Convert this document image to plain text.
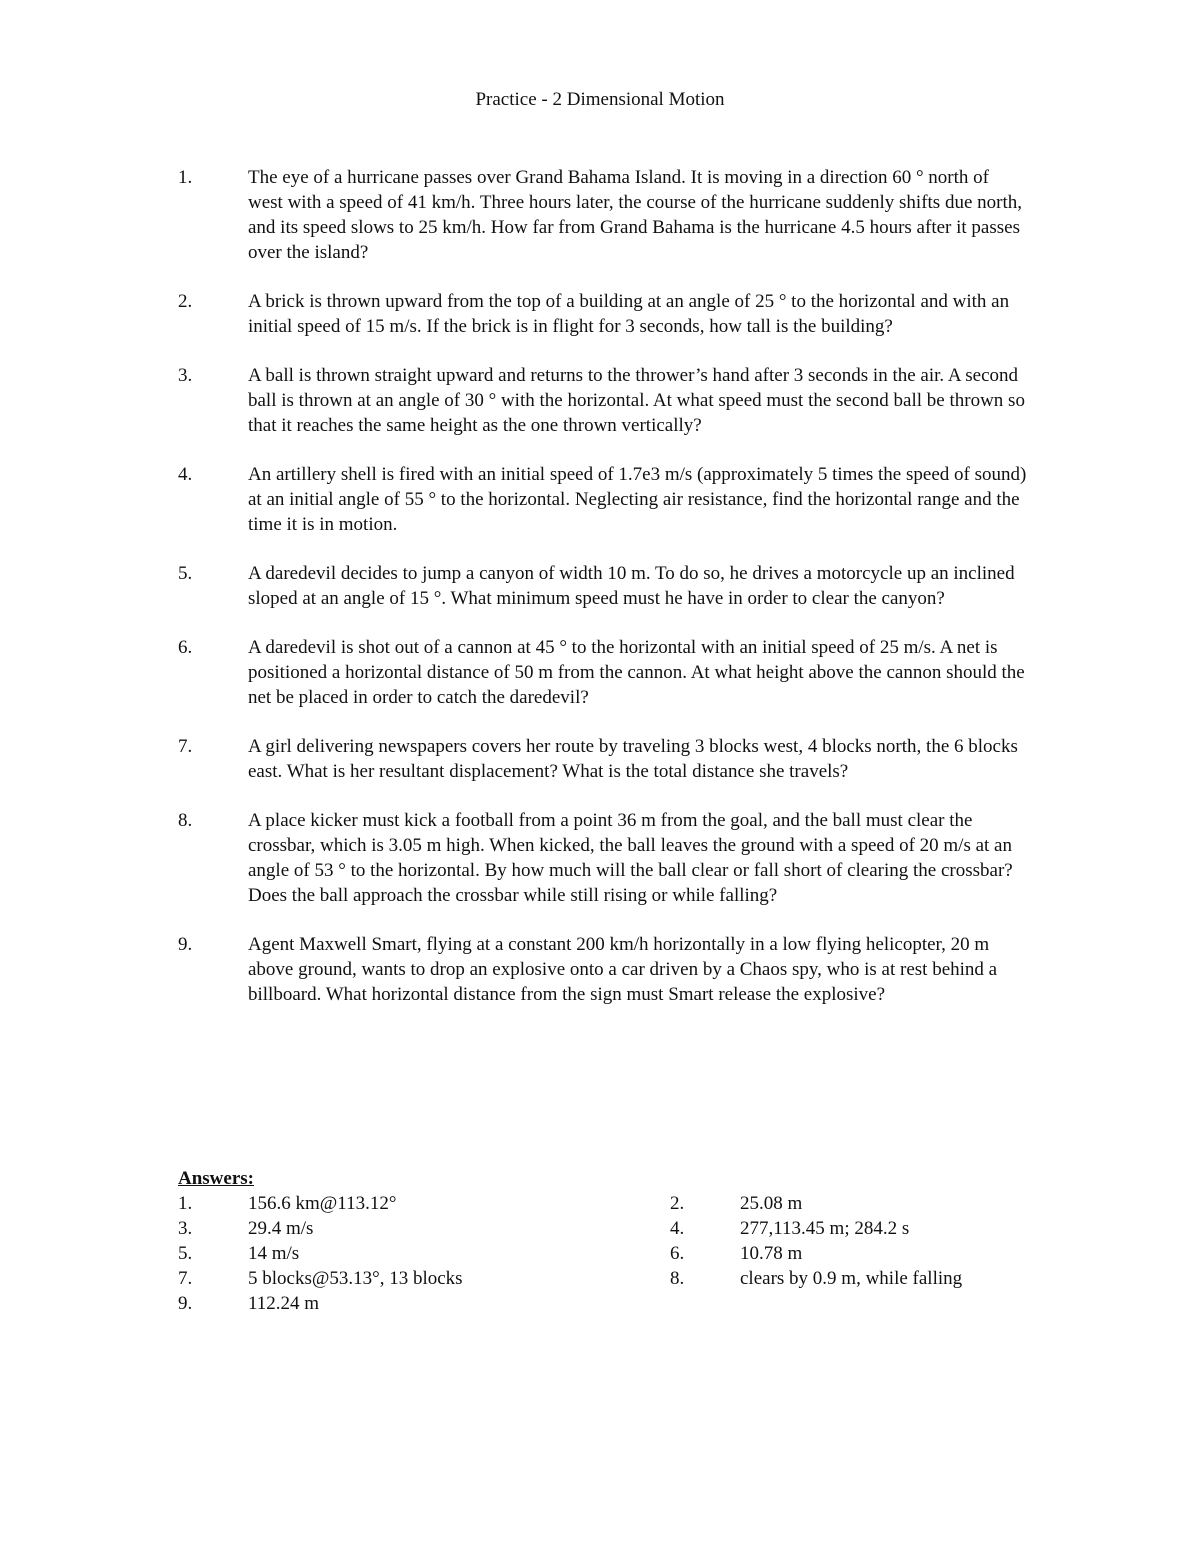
Practice - 2 Dimensional Motion
1.	The eye of a hurricane passes over Grand Bahama Island. It is moving in a direction 60 ° north of west with a speed of 41 km/h. Three hours later, the course of the hurricane suddenly shifts due north, and its speed slows to 25 km/h. How far from Grand Bahama is the hurricane 4.5 hours after it passes over the island?
2.	A brick is thrown upward from the top of a building at an angle of 25 ° to the horizontal and with an initial speed of 15 m/s. If the brick is in flight for 3 seconds, how tall is the building?
3.	A ball is thrown straight upward and returns to the thrower’s hand after 3 seconds in the air. A second ball is thrown at an angle of 30 ° with the horizontal. At what speed must the second ball be thrown so that it reaches the same height as the one thrown vertically?
4.	An artillery shell is fired with an initial speed of 1.7e3 m/s (approximately 5 times the speed of sound) at an initial angle of 55 ° to the horizontal. Neglecting air resistance, find the horizontal range and the time it is in motion.
5.	A daredevil decides to jump a canyon of width 10 m. To do so, he drives a motorcycle up an inclined sloped at an angle of 15 °. What minimum speed must he have in order to clear the canyon?
6.	A daredevil is shot out of a cannon at 45 ° to the horizontal with an initial speed of 25 m/s. A net is positioned a horizontal distance of 50 m from the cannon. At what height above the cannon should the net be placed in order to catch the daredevil?
7.	A girl delivering newspapers covers her route by traveling 3 blocks west, 4 blocks north, the 6 blocks east. What is her resultant displacement? What is the total distance she travels?
8.	A place kicker must kick a football from a point 36 m from the goal, and the ball must clear the crossbar, which is 3.05 m high. When kicked, the ball leaves the ground with a speed of 20 m/s at an angle of 53 ° to the horizontal. By how much will the ball clear or fall short of clearing the crossbar? Does the ball approach the crossbar while still rising or while falling?
9.	Agent Maxwell Smart, flying at a constant 200 km/h horizontally in a low flying helicopter, 20 m above ground, wants to drop an explosive onto a car driven by a Chaos spy, who is at rest behind a billboard. What horizontal distance from the sign must Smart release the explosive?
Answers:
1.	156.6 km@113.12°	2.	25.08 m
3.	29.4 m/s	4.	277,113.45 m; 284.2 s
5.	14 m/s	6.	10.78 m
7.	5 blocks@53.13°, 13 blocks	8.	clears by 0.9 m, while falling
9.	112.24 m
